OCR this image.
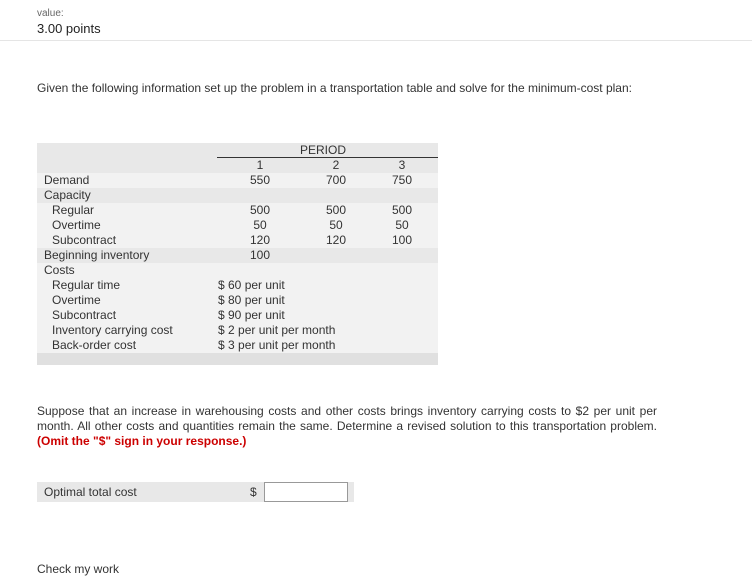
value:
3.00 points
Given the following information set up the problem in a transportation table and solve for the minimum-cost plan:
PERIOD
1	2	3
Demand	550	700	750
Capacity
Regular	500	500	500
Overtime	50	50	50
Subcontract	120	120	100
Beginning inventory	100
Costs
Regular time	$ 60 per unit
Overtime	$ 80 per unit
Subcontract	$ 90 per unit
Inventory carrying cost	$ 2 per unit per month
Back-order cost	$ 3 per unit per month
Suppose that an increase in warehousing costs and other costs brings inventory carrying costs to $2 per unit per month. All other costs and quantities remain the same. Determine a revised solution to this transportation problem. (Omit the "$" sign in your response.)
Optimal total cost	$
Check my work
